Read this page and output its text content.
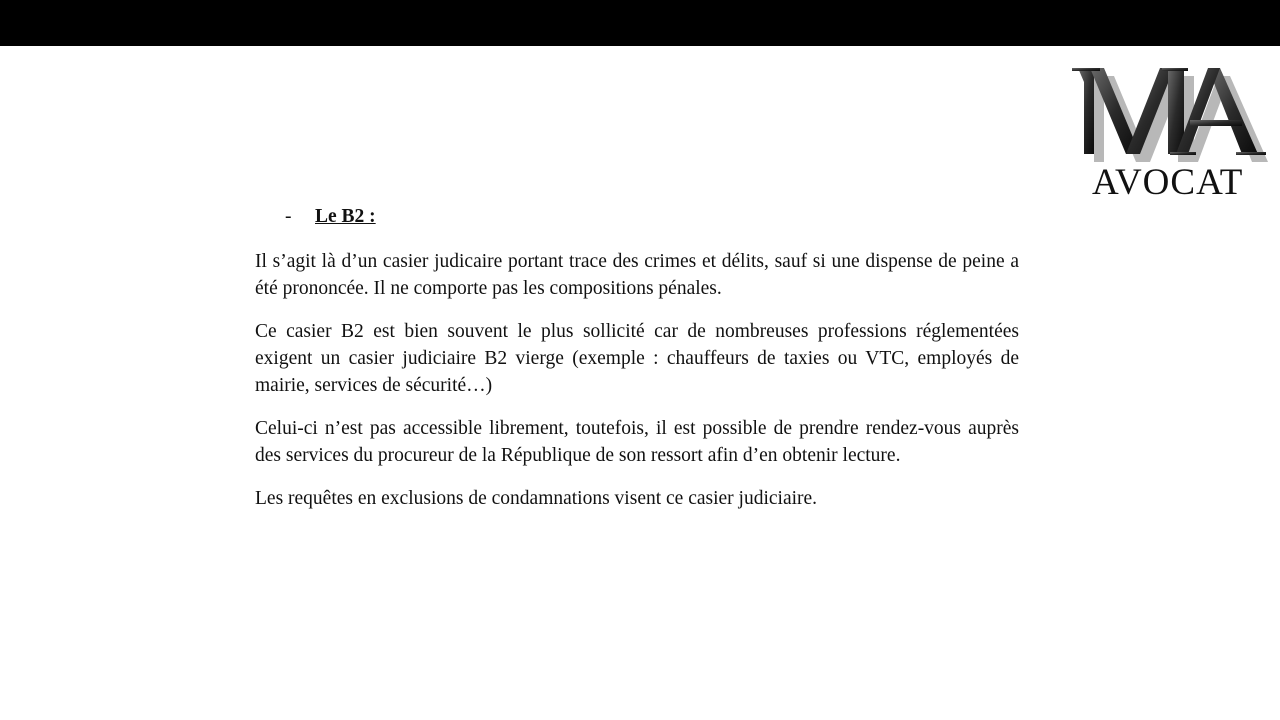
AVOCAT
- Le B2 :

Il s’agit là d’un casier judicaire portant trace des crimes et délits, sauf si une dispense de peine a été prononcée. Il ne comporte pas les compositions pénales.

Ce casier B2 est bien souvent le plus sollicité car de nombreuses professions réglementées exigent un casier judiciaire B2 vierge (exemple : chauffeurs de taxies ou VTC, employés de mairie, services de sécurité…)

Celui-ci n’est pas accessible librement, toutefois, il est possible de prendre rendez-vous auprès des services du procureur de la République de son ressort afin d’en obtenir lecture.

Les requêtes en exclusions de condamnations visent ce casier judiciaire.
